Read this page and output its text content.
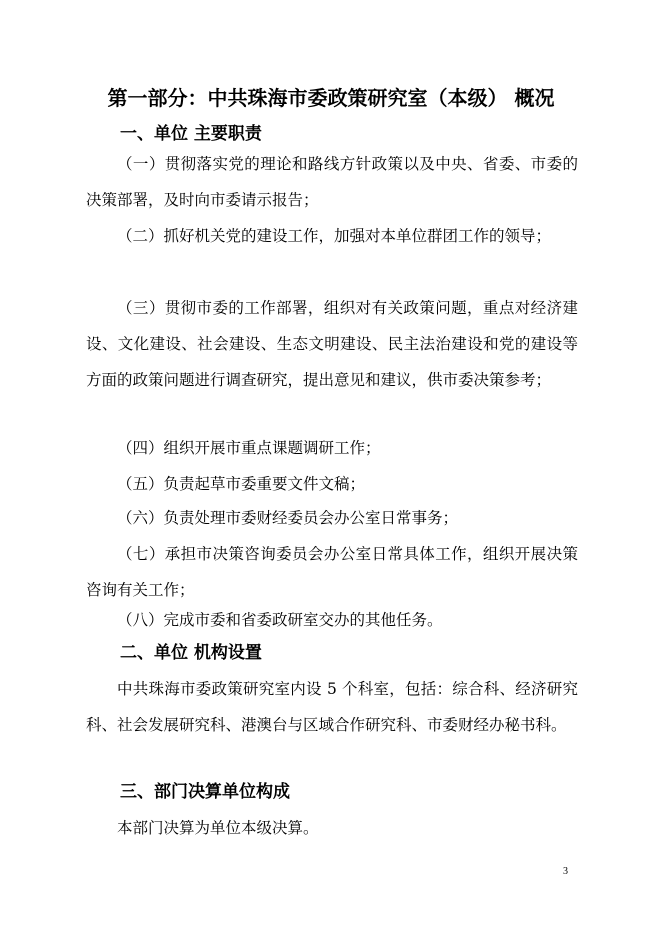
第一部分：中共珠海市委政策研究室（本级） 概况
一、单位 主要职责

（一）贯彻落实党的理论和路线方针政策以及中央、省委、市委的决策部署，及时向市委请示报告；

（二）抓好机关党的建设工作，加强对本单位群团工作的领导；

（三）贯彻市委的工作部署，组织对有关政策问题，重点对经济建设、文化建设、社会建设、生态文明建设、民主法治建设和党的建设等方面的政策问题进行调查研究，提出意见和建议，供市委决策参考；

（四）组织开展市重点课题调研工作；

（五）负责起草市委重要文件文稿；

（六）负责处理市委财经委员会办公室日常事务；

（七）承担市决策咨询委员会办公室日常具体工作，组织开展决策咨询有关工作；

（八）完成市委和省委政研室交办的其他任务。

二、单位 机构设置

中共珠海市委政策研究室内设 5 个科室，包括：综合科、经济研究科、社会发展研究科、港澳台与区域合作研究科、市委财经办秘书科。

三、部门决算单位构成

本部门决算为单位本级决算。

3
